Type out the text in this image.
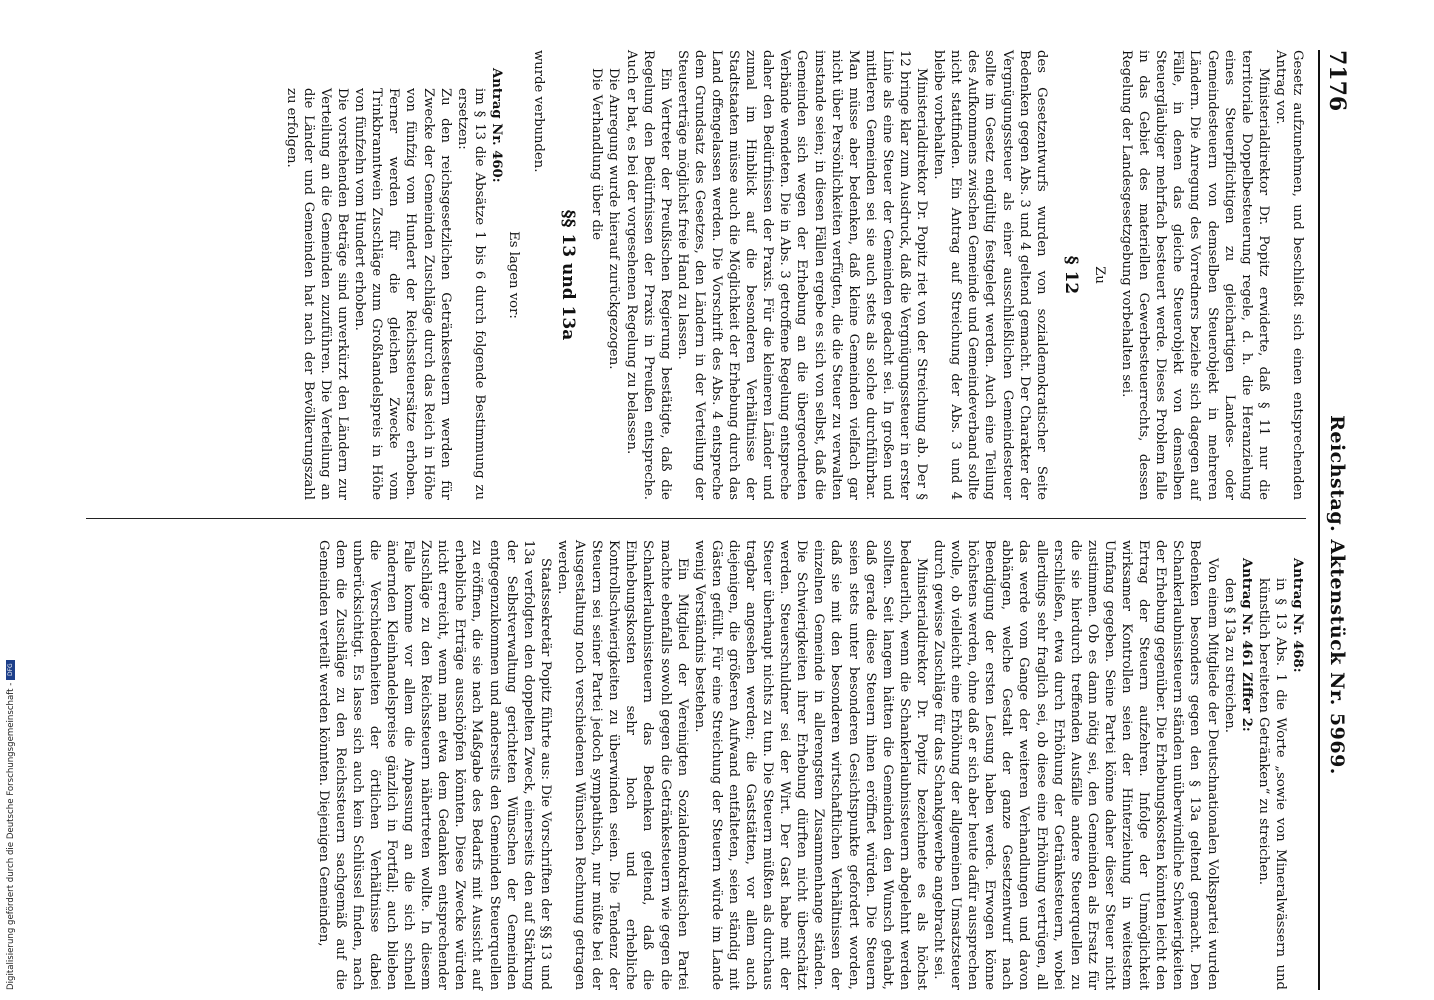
7176
Reichstag. Aktenstück Nr. 5969.

Gesetz aufzunehmen, und beschließt sich einen entsprechenden Antrag vor.

Ministerialdirektor Dr. Popitz erwiderte, daß § 11 nur die territoriale Doppelbesteuerung regele, d. h. die Heranziehung eines Steuerpflichtigen zu gleichartigen Landes- oder Gemeindesteuern von demselben Steuerobjekt in mehreren Ländern. Die Anregung des Vorredners beziehe sich dagegen auf Fälle, in denen das gleiche Steuerobjekt von demselben Steuergläubiger mehrfach besteuert werde. Dieses Problem falle in das Gebiet des materiellen Gewerbesteuerrechts, dessen Regelung der Landesgesetzgebung vorbehalten sei.

Zu

§ 12

des Gesetzentwurfs wurden von sozialdemokratischer Seite Bedenken gegen Abs. 3 und 4 geltend gemacht. Der Charakter der Vergnügungssteuer als einer ausschließlichen Gemeindesteuer sollte im Gesetz endgültig festgelegt werden. Auch eine Teilung des Aufkommens zwischen Gemeinde und Gemeindeverband sollte nicht stattfinden. Ein Antrag auf Streichung der Abs. 3 und 4 bleibe vorbehalten.

Ministerialdirektor Dr. Popitz riet von der Streichung ab. Der § 12 bringe klar zum Ausdruck, daß die Vergnügungssteuer in erster Linie als eine Steuer der Gemeinden gedacht sei. In großen und mittleren Gemeinden sei sie auch stets als solche durchführbar. Man müsse aber bedenken, daß kleine Gemeinden vielfach gar nicht über Persönlichkeiten verfügten, die die Steuer zu verwalten imstande seien; in diesen Fällen ergebe es sich von selbst, daß die Gemeinden sich wegen der Erhebung an die übergeordneten Verbände wendeten. Die in Abs. 3 getroffene Regelung entspreche daher den Bedürfnissen der Praxis. Für die kleineren Länder und zumal im Hinblick auf die besonderen Verhältnisse der Stadtstaaten müsse auch die Möglichkeit der Erhebung durch das Land offengelassen werden. Die Vorschrift des Abs. 4 entspreche dem Grundsatz des Gesetzes, den Ländern in der Verteilung der Steuererträge möglichst freie Hand zu lassen.

Ein Vertreter der Preußischen Regierung bestätigte, daß die Regelung den Bedürfnissen der Praxis in Preußen entspreche. Auch er bat, es bei der vorgesehenen Regelung zu belassen.

Die Anregung wurde hierauf zurückgezogen.

Die Verhandlung über die

§§ 13 und 13a

wurde verbunden.

Es lagen vor:

Antrag Nr. 460:

im § 13 die Absätze 1 bis 6 durch folgende Bestimmung zu ersetzen:

Zu den reichsgesetzlichen Getränkesteuern werden für Zwecke der Gemeinden Zuschläge durch das Reich in Höhe von fünfzig vom Hundert der Reichssteuersätze erhoben. Ferner werden für die gleichen Zwecke vom Trinkbranntwein Zuschläge zum Großhandelspreis in Höhe von fünfzehn vom Hundert erhoben.

Die vorstehenden Beträge sind unverkürzt den Ländern zur Verteilung an die Gemeinden zuzuführen. Die Verteilung an die Länder und Gemeinden hat nach der Bevölkerungszahl zu erfolgen.

Antrag Nr. 468:

in § 13 Abs. 1 die Worte „sowie von Mineralwässern und künstlich bereiteten Getränken“ zu streichen.

Antrag Nr. 461 Ziffer 2:

den § 13a zu streichen.

Von einem Mitgliede der Deutschnationalen Volkspartei wurden Bedenken besonders gegen den § 13a geltend gemacht. Den Schankerlaubnissteuern ständen unüberwindliche Schwierigkeiten der Erhebung gegenüber. Die Erhebungskosten könnten leicht den Ertrag der Steuern aufzehren. Infolge der Unmöglichkeit wirksamer Kontrollen seien der Hinterziehung in weitestem Umfang gegeben. Seine Partei könne daher dieser Steuer nicht zustimmen. Ob es dann nötig sei, den Gemeinden als Ersatz für die sie hierdurch treffenden Ausfälle andere Steuerquellen zu erschließen, etwa durch Erhöhung der Getränkesteuern, wobei allerdings sehr fraglich sei, ob diese eine Erhöhung vertrügen, all das werde vom Gange der weiteren Verhandlungen und davon abhängen, welche Gestalt der ganze Gesetzentwurf nach Beendigung der ersten Lesung haben werde. Erwogen könne höchstens werden, ohne daß er sich aber heute dafür aussprechen wolle, ob vielleicht eine Erhöhung der allgemeinen Umsatzsteuer durch gewisse Zuschläge für das Schankgewerbe angebracht sei.

Ministerialdirektor Dr. Popitz bezeichnete es als höchst bedauerlich, wenn die Schankerlaubnissteuern abgelehnt werden sollten. Seit langem hätten die Gemeinden den Wunsch gehabt, daß gerade diese Steuern ihnen eröffnet würden. Die Steuern seien stets unter besonderen Gesichtspunkte gefordert worden, daß sie mit den besonderen wirtschaftlichen Verhältnissen der einzelnen Gemeinde in allerengstem Zusammenhange ständen. Die Schwierigkeiten ihrer Erhebung dürften nicht überschätzt werden. Steuerschuldner sei der Wirt. Der Gast habe mit der Steuer überhaupt nichts zu tun. Die Steuern müßten als durchaus tragbar angesehen werden; die Gaststätten, vor allem auch diejenigen, die größeren Aufwand entfalteten, seien ständig mit Gästen gefüllt. Für eine Streichung der Steuern würde im Lande wenig Verständnis bestehen.

Ein Mitglied der Vereinigten Sozialdemokratischen Partei machte ebenfalls sowohl gegen die Getränkesteuern wie gegen die Schankerlaubnissteuern das Bedenken geltend, daß die Einhebungskosten sehr hoch und erhebliche Kontrollschwierigkeiten zu überwinden seien. Die Tendenz der Steuern sei seiner Partei jedoch sympathisch, nur müßte bei der Ausgestaltung noch verschiedenen Wünschen Rechnung getragen werden.

Staatssekretär Popitz führte aus: Die Vorschriften der §§ 13 und 13a verfolgten den doppelten Zweck, einerseits den auf Stärkung der Selbstverwaltung gerichteten Wünschen der Gemeinden entgegenzukommen und anderseits den Gemeinden Steuerquellen zu eröffnen, die sie nach Maßgabe des Bedarfs mit Aussicht auf erhebliche Erträge ausschöpfen könnten. Diese Zwecke würden nicht erreicht, wenn man etwa dem Gedanken entsprechender Zuschläge zu den Reichssteuern nähertreten wollte. In diesem Falle komme vor allem die Anpassung an die sich schnell ändernden Kleinhandelspreise gänzlich in Fortfall; auch blieben die Verschiedenheiten der örtlichen Verhältnisse dabei unberücksichtigt. Es lasse sich auch kein Schlüssel finden, nach dem die Zuschläge zu den Reichssteuern sachgemäß auf die Gemeinden verteilt werden könnten. Diejenigen Gemeinden,

Digitalisierung gefördert durch die Deutsche Forschungsgemeinschaft -DFG
